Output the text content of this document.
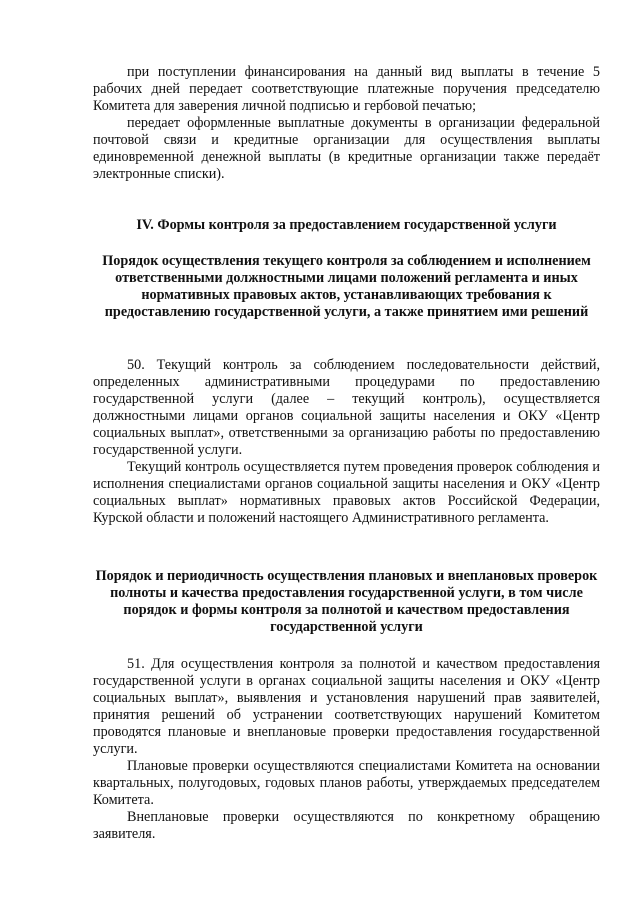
при поступлении финансирования на данный вид выплаты в течение 5 рабочих дней передает соответствующие платежные поручения председателю Комитета для заверения личной подписью и гербовой печатью;

передает оформленные выплатные документы в организации федеральной почтовой связи и кредитные организации для осуществления выплаты единовременной денежной выплаты (в кредитные организации также передаёт электронные списки).

IV. Формы контроля за предоставлением государственной услуги

Порядок осуществления текущего контроля за соблюдением и исполнением ответственными должностными лицами положений регламента и иных нормативных правовых актов, устанавливающих требования к предоставлению государственной услуги, а также принятием ими решений

50. Текущий контроль за соблюдением последовательности действий, определенных административными процедурами по предоставлению государственной услуги (далее – текущий контроль), осуществляется должностными лицами органов социальной защиты населения и ОКУ «Центр социальных выплат», ответственными за организацию работы по предоставлению государственной услуги.

Текущий контроль осуществляется путем проведения проверок соблюдения и исполнения специалистами органов социальной защиты населения и ОКУ «Центр социальных выплат» нормативных правовых актов Российской Федерации, Курской области и положений настоящего Административного регламента.

Порядок и периодичность осуществления плановых и внеплановых проверок полноты и качества предоставления государственной услуги, в том числе порядок и формы контроля за полнотой и качеством предоставления государственной услуги

51. Для осуществления контроля за полнотой и качеством предоставления государственной услуги в органах социальной защиты населения и ОКУ «Центр социальных выплат», выявления и установления нарушений прав заявителей, принятия решений об устранении соответствующих нарушений Комитетом проводятся плановые и внеплановые проверки предоставления государственной услуги.

Плановые проверки осуществляются специалистами Комитета на основании квартальных, полугодовых, годовых планов работы, утверждаемых председателем Комитета.

Внеплановые проверки осуществляются по конкретному обращению заявителя.
